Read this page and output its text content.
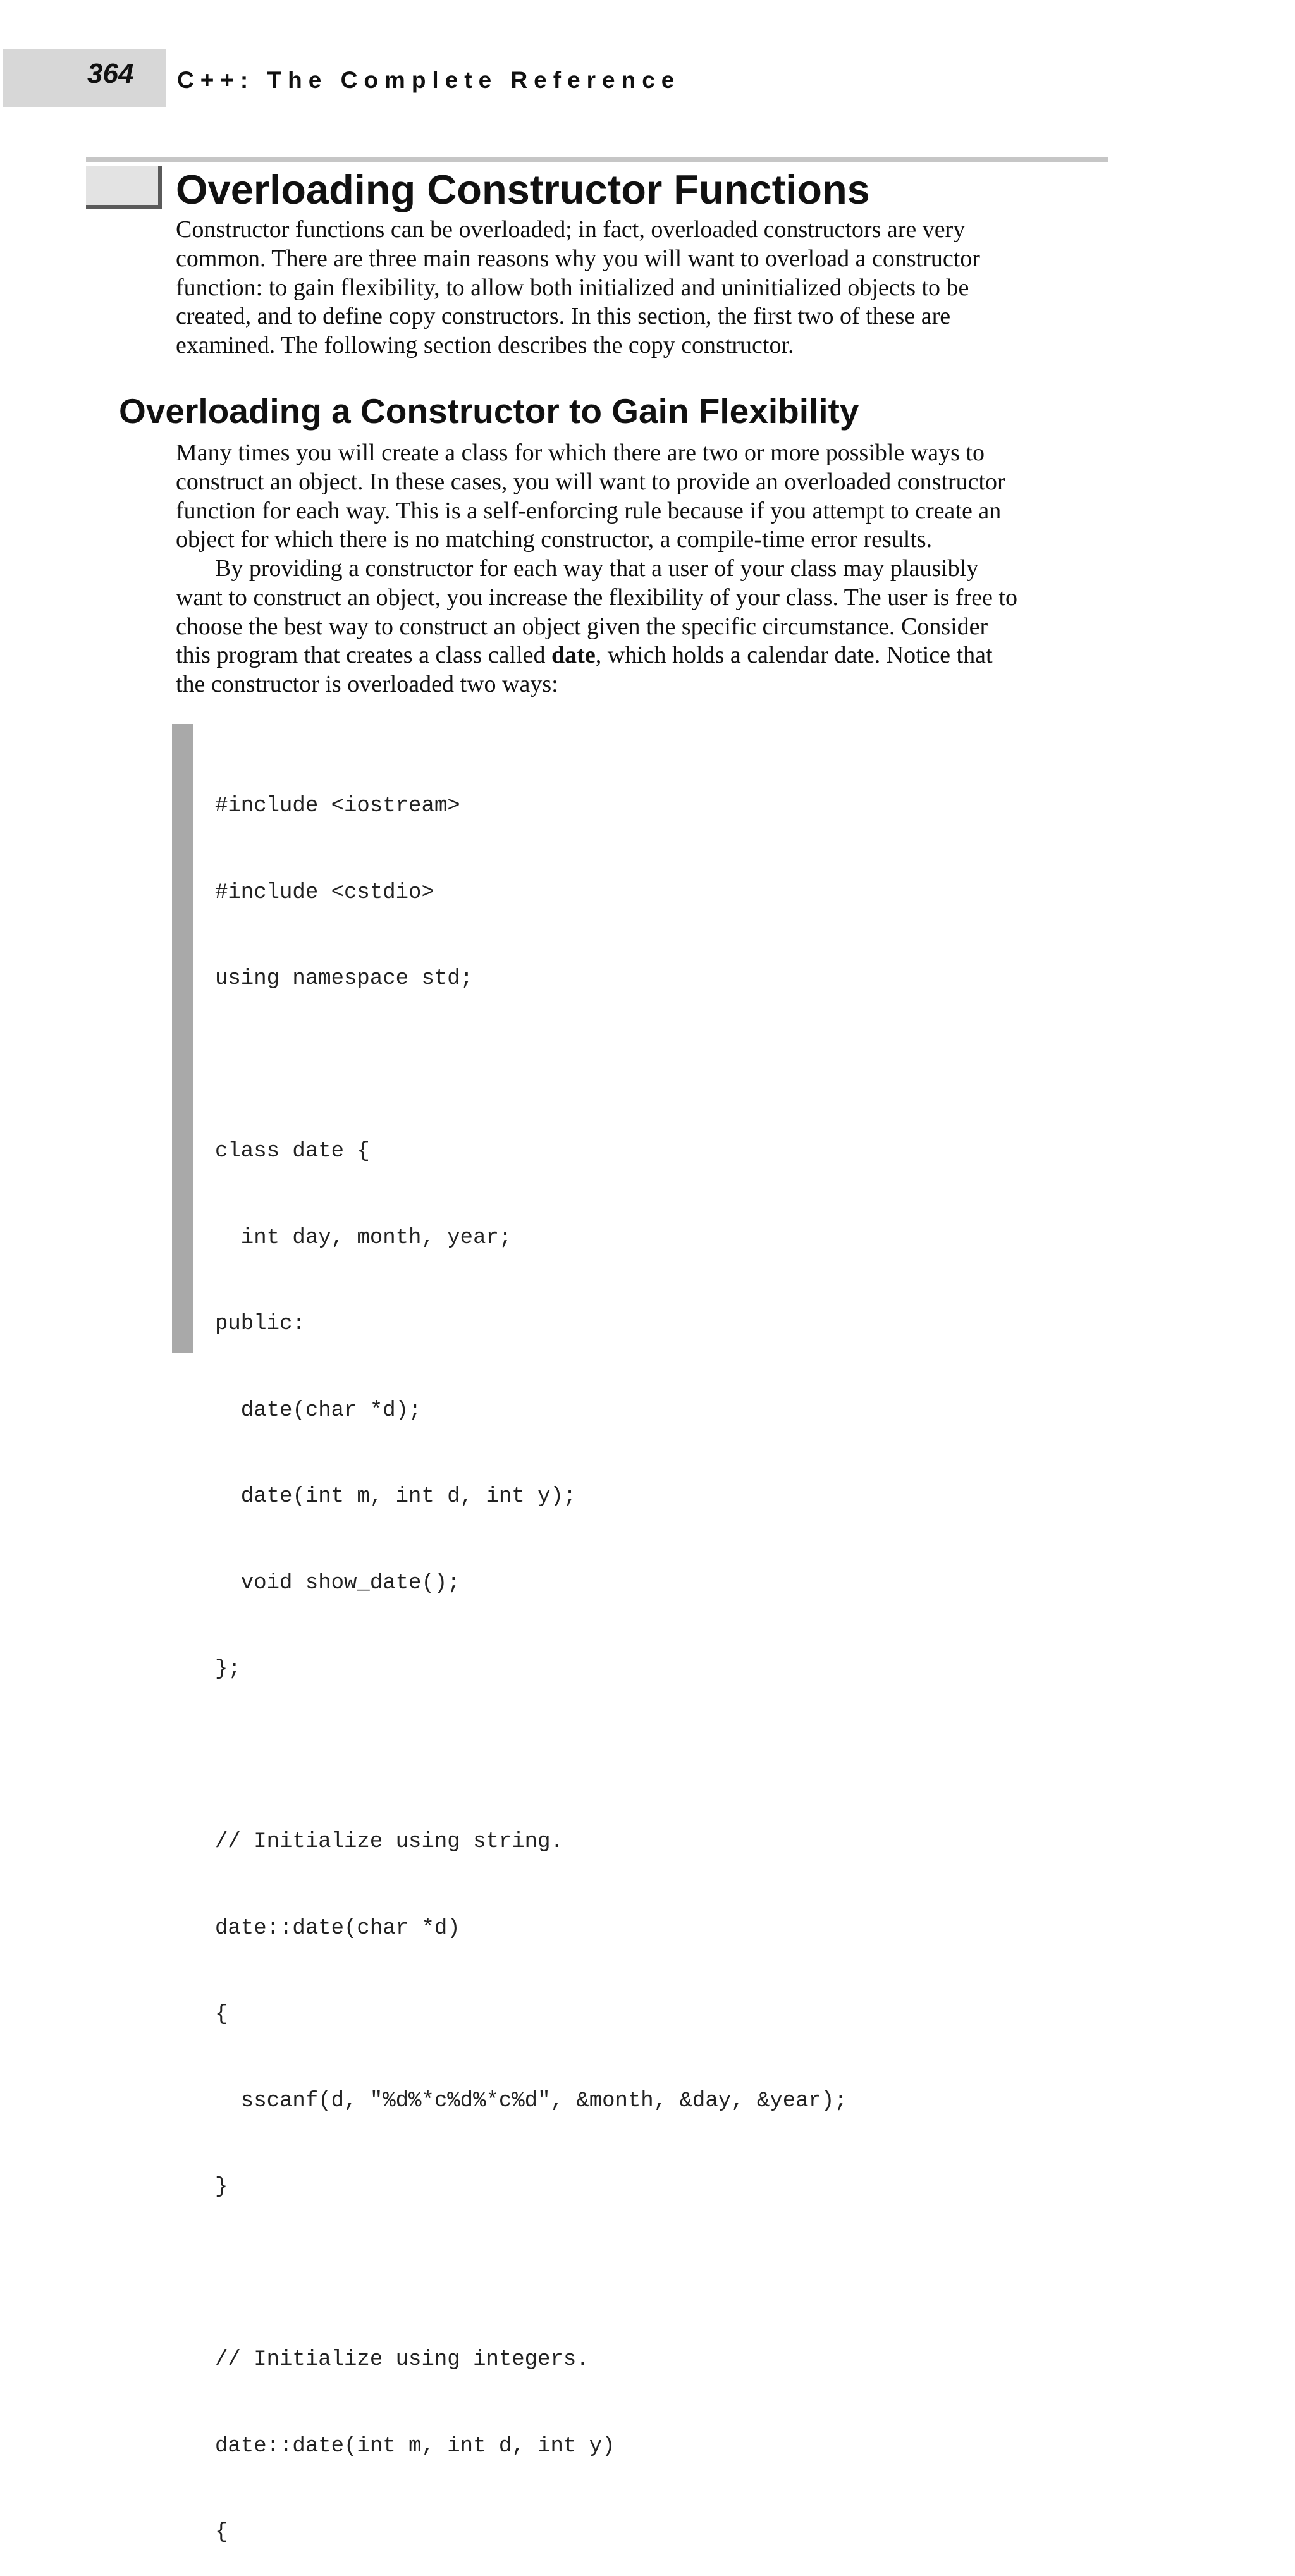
364 C++: The Complete Reference
Overloading Constructor Functions
Constructor functions can be overloaded; in fact, overloaded constructors are very
common. There are three main reasons why you will want to overload a constructor
function: to gain flexibility, to allow both initialized and uninitialized objects to be
created, and to define copy constructors. In this section, the first two of these are
examined. The following section describes the copy constructor.
Overloading a Constructor to Gain Flexibility
Many times you will create a class for which there are two or more possible ways to
construct an object. In these cases, you will want to provide an overloaded constructor
function for each way. This is a self-enforcing rule because if you attempt to create an
object for which there is no matching constructor, a compile-time error results.
By providing a constructor for each way that a user of your class may plausibly
want to construct an object, you increase the flexibility of your class. The user is free to
choose the best way to construct an object given the specific circumstance. Consider
this program that creates a class called date, which holds a calendar date. Notice that
the constructor is overloaded two ways:

#include <iostream>

#include <cstdio>

using namespace std;

class date {

int day, month, year;

public:

date(char *d);

date(int m, int d, int y);

void show_date();

};

// Initialize using string.

date::date(char *d)

{

sscanf(d, "%d%*c%d%*c%d", &month, &day, &year);

}

// Initialize using integers.

date::date(int m, int d, int y)

{
